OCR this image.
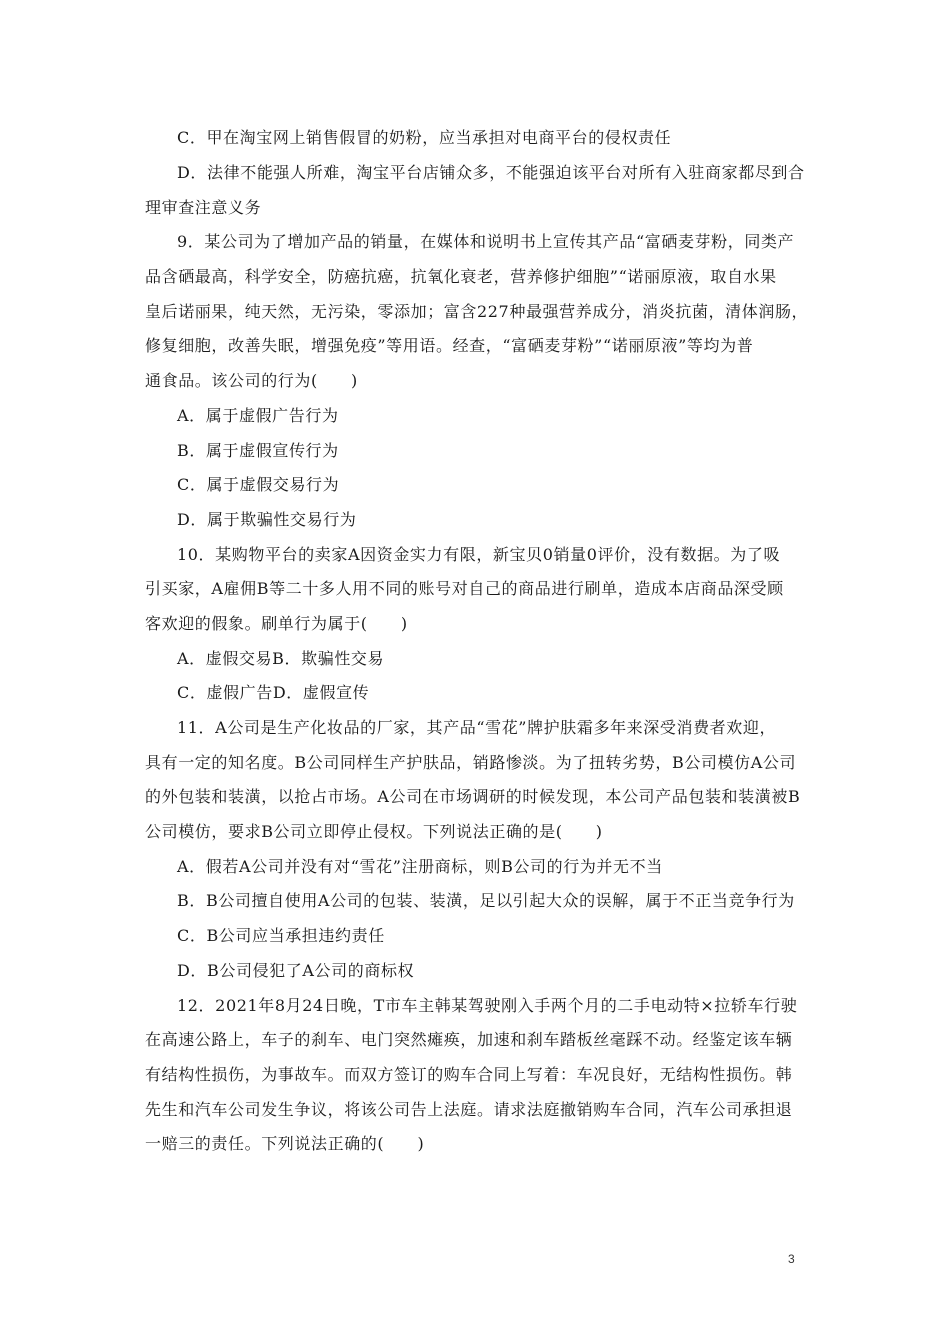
C．甲在淘宝网上销售假冒的奶粉，应当承担对电商平台的侵权责任
D．法律不能强人所难，淘宝平台店铺众多，不能强迫该平台对所有入驻商家都尽到合
理审查注意义务
9．某公司为了增加产品的销量，在媒体和说明书上宣传其产品“富硒麦芽粉，同类产
品含硒最高，科学安全，防癌抗癌，抗氧化衰老，营养修护细胞”“诺丽原液，取自水果
皇后诺丽果，纯天然，无污染，零添加；富含227种最强营养成分，消炎抗菌，清体润肠，
修复细胞，改善失眠，增强免疫”等用语。经查，“富硒麦芽粉”“诺丽原液”等均为普
通食品。该公司的行为(　　)
A．属于虚假广告行为
B．属于虚假宣传行为
C．属于虚假交易行为
D．属于欺骗性交易行为
10．某购物平台的卖家A因资金实力有限，新宝贝0销量0评价，没有数据。为了吸
引买家，A雇佣B等二十多人用不同的账号对自己的商品进行刷单，造成本店商品深受顾
客欢迎的假象。刷单行为属于(　　)
A．虚假交易B．欺骗性交易
C．虚假广告D．虚假宣传
11．A公司是生产化妆品的厂家，其产品“雪花”牌护肤霜多年来深受消费者欢迎，
具有一定的知名度。B公司同样生产护肤品，销路惨淡。为了扭转劣势，B公司模仿A公司
的外包装和装潢，以抢占市场。A公司在市场调研的时候发现，本公司产品包装和装潢被B
公司模仿，要求B公司立即停止侵权。下列说法正确的是(　　)
A．假若A公司并没有对“雪花”注册商标，则B公司的行为并无不当
B．B公司擅自使用A公司的包装、装潢，足以引起大众的误解，属于不正当竞争行为
C．B公司应当承担违约责任
D．B公司侵犯了A公司的商标权
12．2021年8月24日晚，T市车主韩某驾驶刚入手两个月的二手电动特×拉轿车行驶
在高速公路上，车子的刹车、电门突然瘫痪，加速和刹车踏板丝毫踩不动。经鉴定该车辆
有结构性损伤，为事故车。而双方签订的购车合同上写着：车况良好，无结构性损伤。韩
先生和汽车公司发生争议，将该公司告上法庭。请求法庭撤销购车合同，汽车公司承担退
一赔三的责任。下列说法正确的(　　)
3
